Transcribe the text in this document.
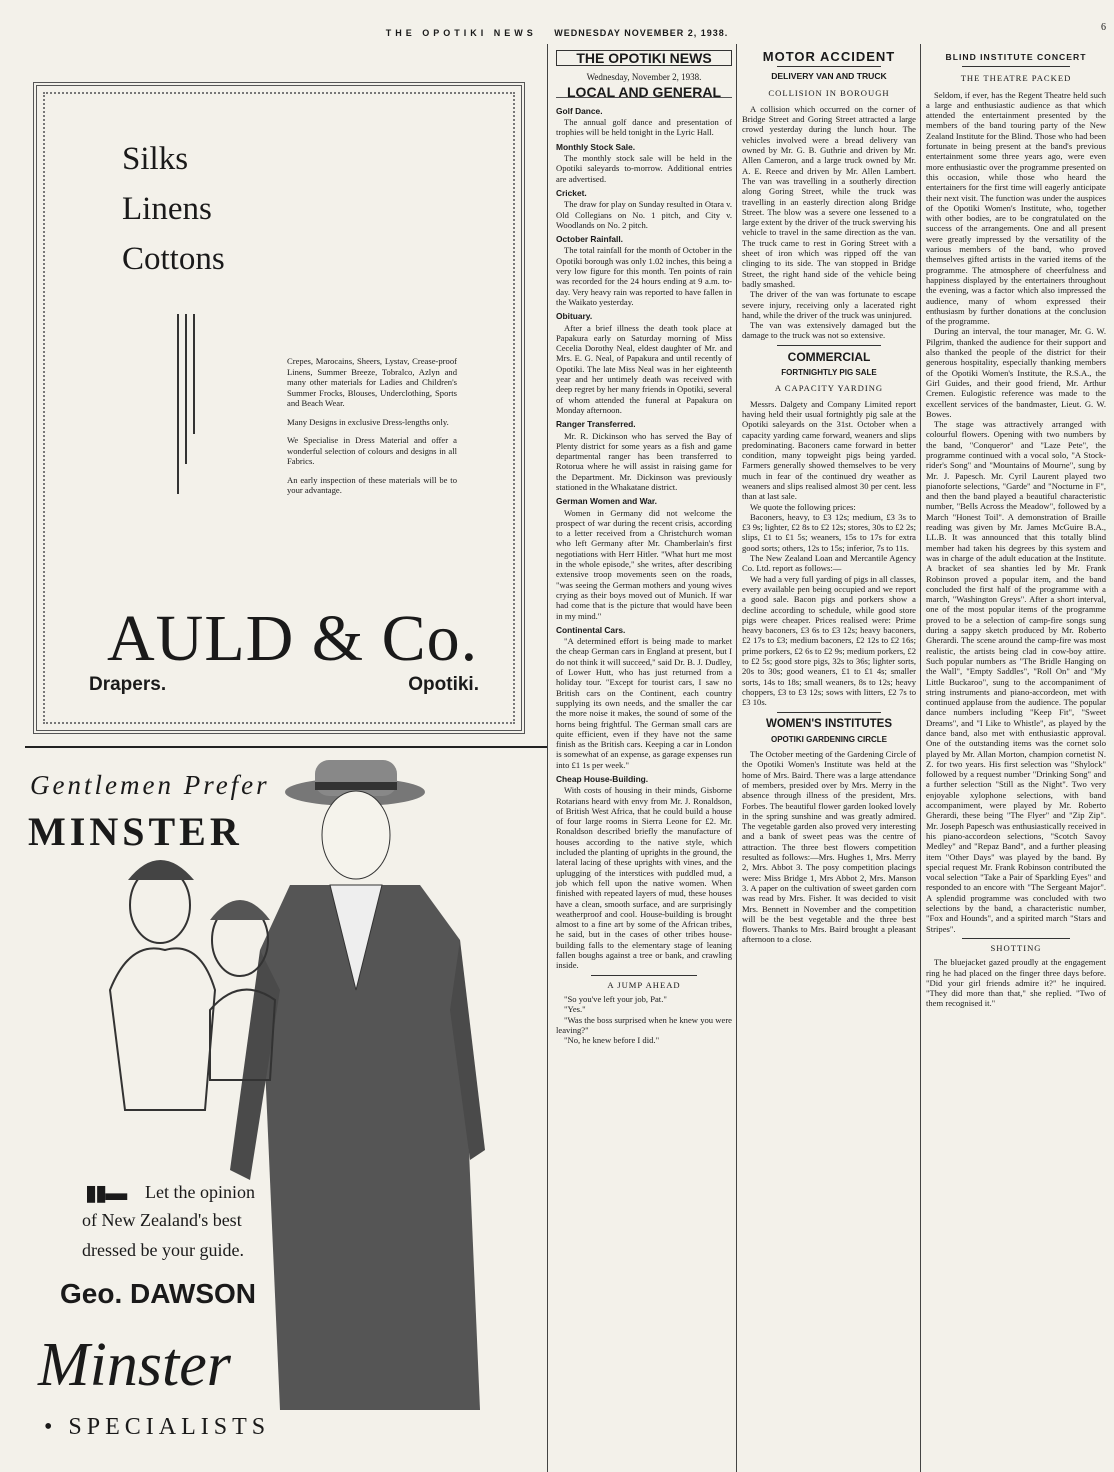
THE OPOTIKI NEWS WEDNESDAY NOVEMBER 2, 1938.	6
Silks
Linens
Cottons

Crepes, Marocains, Sheers, Lystav, Crease-proof Linens, Summer Breeze, Tobralco, Azlyn and many other materials for Ladies and Children's Summer Frocks, Blouses, Underclothing, Sports and Beach Wear.

Many Designs in exclusive Dress-lengths only.

We Specialise in Dress Material and offer a wonderful selection of colours and designs in all Fabrics.

An early inspection of these materials will be to your advantage.

AULD & Co.
Drapers.	Opotiki.
Gentlemen Prefer
MINSTER
▮▮▬ Let the opinion
of New Zealand's best
dressed be your guide.
Geo. DAWSON
Minster
• SPECIALISTS
THE OPOTIKI NEWS
Wednesday, November 2, 1938.
LOCAL AND GENERAL
Golf Dance.

The annual golf dance and presentation of trophies will be held tonight in the Lyric Hall.

Monthly Stock Sale.

The monthly stock sale will be held in the Opotiki saleyards to-morrow. Additional entries are advertised.

Cricket.

The draw for play on Sunday resulted in Otara v. Old Collegians on No. 1 pitch, and City v. Woodlands on No. 2 pitch.

October Rainfall.

The total rainfall for the month of October in the Opotiki borough was only 1.02 inches, this being a very low figure for this month. Ten points of rain was recorded for the 24 hours ending at 9 a.m. to-day. Very heavy rain was reported to have fallen in the Waikato yesterday.

Obituary.

After a brief illness the death took place at Papakura early on Saturday morning of Miss Cecelia Dorothy Neal, eldest daughter of Mr. and Mrs. E. G. Neal, of Papakura and until recently of Opotiki. The late Miss Neal was in her eighteenth year and her untimely death was received with deep regret by her many friends in Opotiki, several of whom attended the funeral at Papakura on Monday afternoon.

Ranger Transferred.

Mr. R. Dickinson who has served the Bay of Plenty district for some years as a fish and game departmental ranger has been transferred to Rotorua where he will assist in raising game for the Department. Mr. Dickinson was previously stationed in the Whakatane district.

German Women and War.

Women in Germany did not welcome the prospect of war during the recent crisis, according to a letter received from a Christchurch woman who left Germany after Mr. Chamberlain's first negotiations with Herr Hitler. "What hurt me most in the whole episode," she writes, after describing extensive troop movements seen on the roads, "was seeing the German mothers and young wives crying as their boys moved out of Munich. If war had come that is the picture that would have been in my mind."

Continental Cars.

"A determined effort is being made to market the cheap German cars in England at present, but I do not think it will succeed," said Dr. B. J. Dudley, of Lower Hutt, who has just returned from a holiday tour. "Except for tourist cars, I saw no British cars on the Continent, each country supplying its own needs, and the smaller the car the more noise it makes, the sound of some of the horns being frightful. The German small cars are quite efficient, even if they have not the same finish as the British cars. Keeping a car in London is somewhat of an expense, as garage expenses run into £1 1s per week."

Cheap House-Building.

With costs of housing in their minds, Gisborne Rotarians heard with envy from Mr. J. Ronaldson, of British West Africa, that he could build a house of four large rooms in Sierra Leone for £2. Mr. Ronaldson described briefly the manufacture of houses according to the native style, which included the planting of uprights in the ground, the lateral lacing of these uprights with vines, and the uplugging of the interstices with puddled mud, a job which fell upon the native women. When finished with repeated layers of mud, these houses have a clean, smooth surface, and are surprisingly weatherproof and cool. House-building is brought almost to a fine art by some of the African tribes, he said, but in the cases of other tribes house-building falls to the elementary stage of leaning fallen boughs against a tree or bank, and crawling inside.

A JUMP AHEAD

"So you've left your job, Pat."

"Yes."

"Was the boss surprised when he knew you were leaving?"

"No, he knew before I did."

MOTOR ACCIDENT
DELIVERY VAN AND TRUCK
COLLISION IN BOROUGH

A collision which occurred on the corner of Bridge Street and Goring Street attracted a large crowd yesterday during the lunch hour. The vehicles involved were a bread delivery van owned by Mr. G. B. Guthrie and driven by Mr. Allen Cameron, and a large truck owned by Mr. A. E. Reece and driven by Mr. Allen Lambert. The van was travelling in a southerly direction along Goring Street, while the truck was travelling in an easterly direction along Bridge Street. The blow was a severe one lessened to a large extent by the driver of the truck swerving his vehicle to travel in the same direction as the van. The truck came to rest in Goring Street with a sheet of iron which was ripped off the van clinging to its side. The van stopped in Bridge Street, the right hand side of the vehicle being badly smashed.

The driver of the van was fortunate to escape severe injury, receiving only a lacerated right hand, while the driver of the truck was uninjured.

The van was extensively damaged but the damage to the truck was not so extensive.

COMMERCIAL
FORTNIGHTLY PIG SALE
A CAPACITY YARDING

Messrs. Dalgety and Company Limited report having held their usual fortnightly pig sale at the Opotiki saleyards on the 31st. October when a capacity yarding came forward, weaners and slips predominating. Baconers came forward in better condition, many topweight pigs being yarded. Farmers generally showed themselves to be very much in fear of the continued dry weather as weaners and slips realised almost 30 per cent. less than at last sale.

We quote the following prices:

Baconers, heavy, to £3 12s; medium, £3 3s to £3 9s; lighter, £2 8s to £2 12s; stores, 30s to £2 2s; slips, £1 to £1 5s; weaners, 15s to 17s for extra good sorts; others, 12s to 15s; inferior, 7s to 11s.

The New Zealand Loan and Mercantile Agency Co. Ltd. report as follows:—

We had a very full yarding of pigs in all classes, every available pen being occupied and we report a good sale. Bacon pigs and porkers show a decline according to schedule, while good store pigs were cheaper. Prices realised were: Prime heavy baconers, £3 6s to £3 12s; heavy baconers, £2 17s to £3; medium baconers, £2 12s to £2 16s; prime porkers, £2 6s to £2 9s; medium porkers, £2 to £2 5s; good store pigs, 32s to 36s; lighter sorts, 20s to 30s; good weaners, £1 to £1 4s; smaller sorts, 14s to 18s; small weaners, 8s to 12s; heavy choppers, £3 to £3 12s; sows with litters, £2 7s to £3 10s.

WOMEN'S INSTITUTES
OPOTIKI GARDENING CIRCLE

The October meeting of the Gardening Circle of the Opotiki Women's Institute was held at the home of Mrs. Baird. There was a large attendance of members, presided over by Mrs. Merry in the absence through illness of the president, Mrs. Forbes. The beautiful flower garden looked lovely in the spring sunshine and was greatly admired. The vegetable garden also proved very interesting and a bank of sweet peas was the centre of attraction. The three best flowers competition resulted as follows:—Mrs. Hughes 1, Mrs. Merry 2, Mrs. Abbot 3. The posy competition placings were: Miss Bridge 1, Mrs Abbot 2, Mrs. Manson 3. A paper on the cultivation of sweet garden corn was read by Mrs. Fisher. It was decided to visit Mrs. Bennett in November and the competition will be the best vegetable and the three best flowers. Thanks to Mrs. Baird brought a pleasant afternoon to a close.

BLIND INSTITUTE CONCERT
THE THEATRE PACKED

Seldom, if ever, has the Regent Theatre held such a large and enthusiastic audience as that which attended the entertainment presented by the members of the band touring party of the New Zealand Institute for the Blind. Those who had been fortunate in being present at the band's previous entertainment some three years ago, were even more enthusiastic over the programme presented on this occasion, while those who heard the entertainers for the first time will eagerly anticipate their next visit. The function was under the auspices of the Opotiki Women's Institute, who, together with other bodies, are to be congratulated on the success of the arrangements. One and all present were greatly impressed by the versatility of the various members of the band, who proved themselves gifted artists in the varied items of the programme. The atmosphere of cheerfulness and happiness displayed by the entertainers throughout the evening, was a factor which also impressed the audience, many of whom expressed their enthusiasm by further donations at the conclusion of the programme.

During an interval, the tour manager, Mr. G. W. Pilgrim, thanked the audience for their support and also thanked the people of the district for their generous hospitality, especially thanking members of the Opotiki Women's Institute, the R.S.A., the Girl Guides, and their good friend, Mr. Arthur Cremen. Eulogistic reference was made to the excellent services of the bandmaster, Lieut. G. W. Bowes.

The stage was attractively arranged with colourful flowers. Opening with two numbers by the band, "Conqueror" and "Laze Pete", the programme continued with a vocal solo, "A Stock-rider's Song" and "Mountains of Mourne", sung by Mr. J. Papesch. Mr. Cyril Laurent played two pianoforte selections, "Garde" and "Nocturne in F", and then the band played a beautiful characteristic number, "Bells Across the Meadow", followed by a March "Honest Toil". A demonstration of Braille reading was given by Mr. James McGuire B.A., LL.B. It was announced that this totally blind member had taken his degrees by this system and was in charge of the adult education at the Institute. A bracket of sea shanties led by Mr. Frank Robinson proved a popular item, and the band concluded the first half of the programme with a march, "Washington Greys". After a short interval, one of the most popular items of the programme proved to be a selection of camp-fire songs sung during a sappy sketch produced by Mr. Roberto Gherardi. The scene around the camp-fire was most realistic, the artists being clad in cow-boy attire. Such popular numbers as "The Bridle Hanging on the Wall", "Empty Saddles", "Roll On" and "My Little Buckaroo", sung to the accompaniment of string instruments and piano-accordeon, met with continued applause from the audience. The popular dance numbers including "Keep Fit", "Sweet Dreams", and "I Like to Whistle", as played by the dance band, also met with enthusiastic approval. One of the outstanding items was the cornet solo played by Mr. Allan Morton, champion cornetist N. Z. for two years. His first selection was "Shylock" followed by a request number "Drinking Song" and a further selection "Still as the Night". Two very enjoyable xylophone selections, with band accompaniment, were played by Mr. Roberto Gherardi, these being "The Flyer" and "Zip Zip". Mr. Joseph Papesch was enthusiastically received in his piano-accordeon selections, "Scotch Savoy Medley" and "Repaz Band", and a further pleasing item "Other Days" was played by the band. By special request Mr. Frank Robinson contributed the vocal selection "Take a Pair of Sparkling Eyes" and responded to an encore with "The Sergeant Major". A splendid programme was concluded with two selections by the band, a characteristic number, "Fox and Hounds", and a spirited march "Stars and Stripes".

SHOTTING

The bluejacket gazed proudly at the engagement ring he had placed on the finger three days before. "Did your girl friends admire it?" he inquired. "They did more than that," she replied. "Two of them recognised it."
